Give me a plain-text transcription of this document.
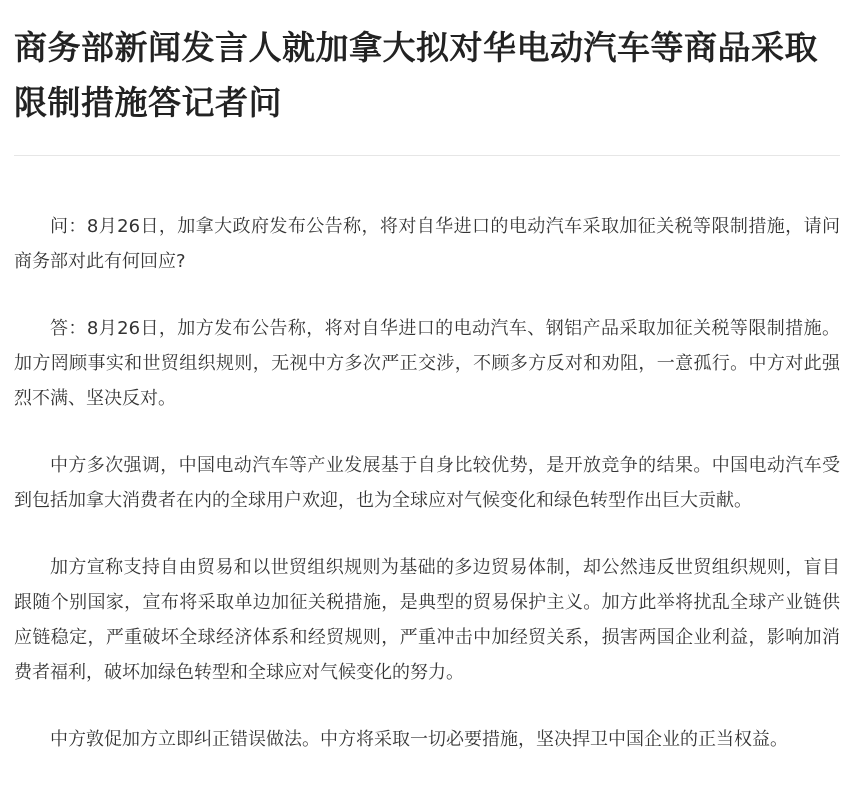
商务部新闻发言人就加拿大拟对华电动汽车等商品采取限制措施答记者问

问：8月26日，加拿大政府发布公告称，将对自华进口的电动汽车采取加征关税等限制措施，请问商务部对此有何回应?

答：8月26日，加方发布公告称，将对自华进口的电动汽车、钢铝产品采取加征关税等限制措施。加方罔顾事实和世贸组织规则，无视中方多次严正交涉，不顾多方反对和劝阻，一意孤行。中方对此强烈不满、坚决反对。

中方多次强调，中国电动汽车等产业发展基于自身比较优势，是开放竞争的结果。中国电动汽车受到包括加拿大消费者在内的全球用户欢迎，也为全球应对气候变化和绿色转型作出巨大贡献。

加方宣称支持自由贸易和以世贸组织规则为基础的多边贸易体制，却公然违反世贸组织规则，盲目跟随个别国家，宣布将采取单边加征关税措施，是典型的贸易保护主义。加方此举将扰乱全球产业链供应链稳定，严重破坏全球经济体系和经贸规则，严重冲击中加经贸关系，损害两国企业利益，影响加消费者福利，破坏加绿色转型和全球应对气候变化的努力。

中方敦促加方立即纠正错误做法。中方将采取一切必要措施，坚决捍卫中国企业的正当权益。
